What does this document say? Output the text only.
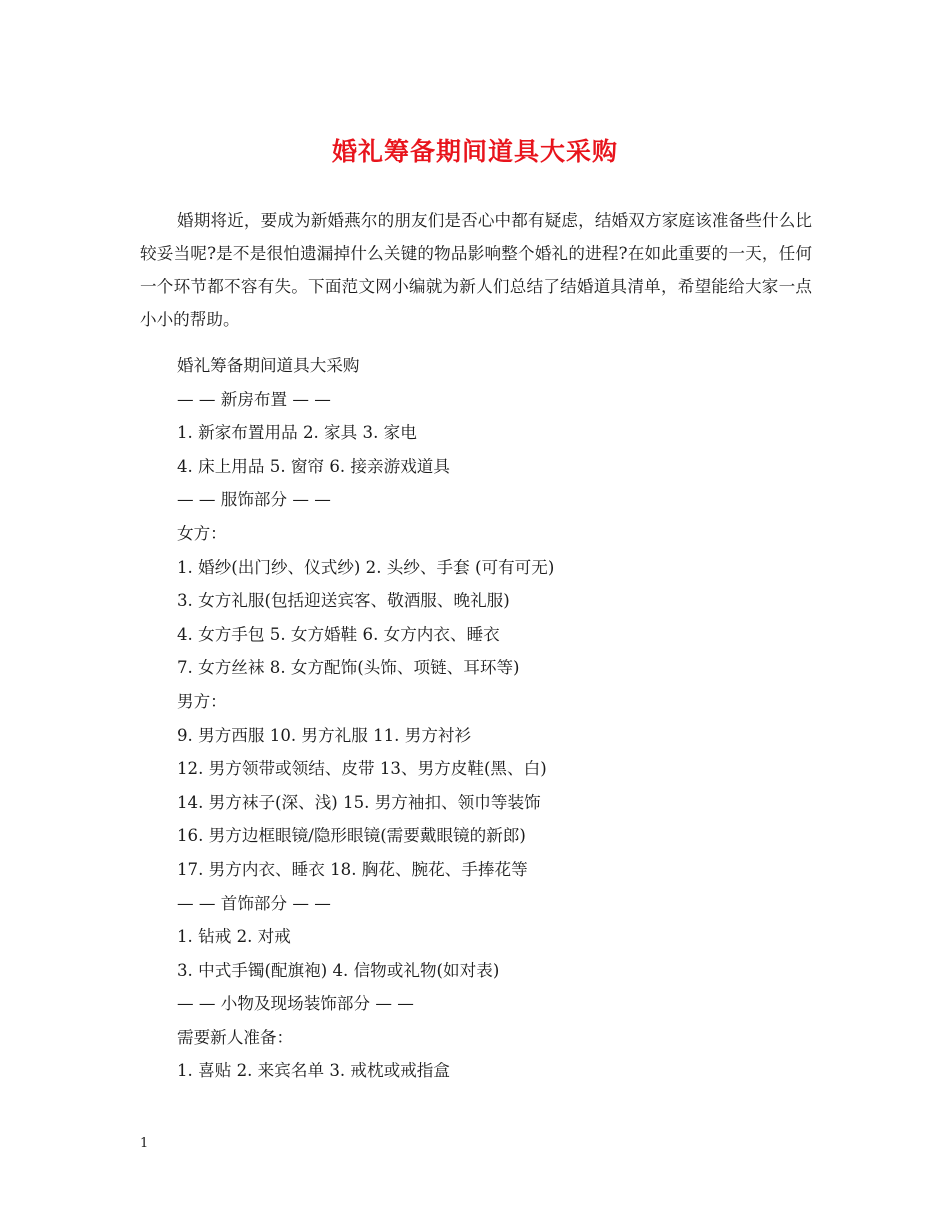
婚礼筹备期间道具大采购

婚期将近，要成为新婚燕尔的朋友们是否心中都有疑虑，结婚双方家庭该准备些什么比较妥当呢?是不是很怕遗漏掉什么关键的物品影响整个婚礼的进程?在如此重要的一天，任何一个环节都不容有失。下面范文网小编就为新人们总结了结婚道具清单，希望能给大家一点小小的帮助。

婚礼筹备期间道具大采购
— — 新房布置 — —
1. 新家布置用品 2. 家具 3. 家电
4. 床上用品 5. 窗帘 6. 接亲游戏道具
— — 服饰部分 — —
女方：
1. 婚纱(出门纱、仪式纱) 2. 头纱、手套 (可有可无)
3. 女方礼服(包括迎送宾客、敬酒服、晚礼服)
4. 女方手包 5. 女方婚鞋 6. 女方内衣、睡衣
7. 女方丝袜 8. 女方配饰(头饰、项链、耳环等)
男方：
9. 男方西服 10. 男方礼服 11. 男方衬衫
12. 男方领带或领结、皮带 13、男方皮鞋(黑、白)
14. 男方袜子(深、浅) 15. 男方袖扣、领巾等装饰
16. 男方边框眼镜/隐形眼镜(需要戴眼镜的新郎)
17. 男方内衣、睡衣 18. 胸花、腕花、手捧花等
— — 首饰部分 — —
1. 钻戒 2. 对戒
3. 中式手镯(配旗袍) 4. 信物或礼物(如对表)
— — 小物及现场装饰部分 — —
需要新人准备：
1. 喜贴 2. 来宾名单 3. 戒枕或戒指盒
1
